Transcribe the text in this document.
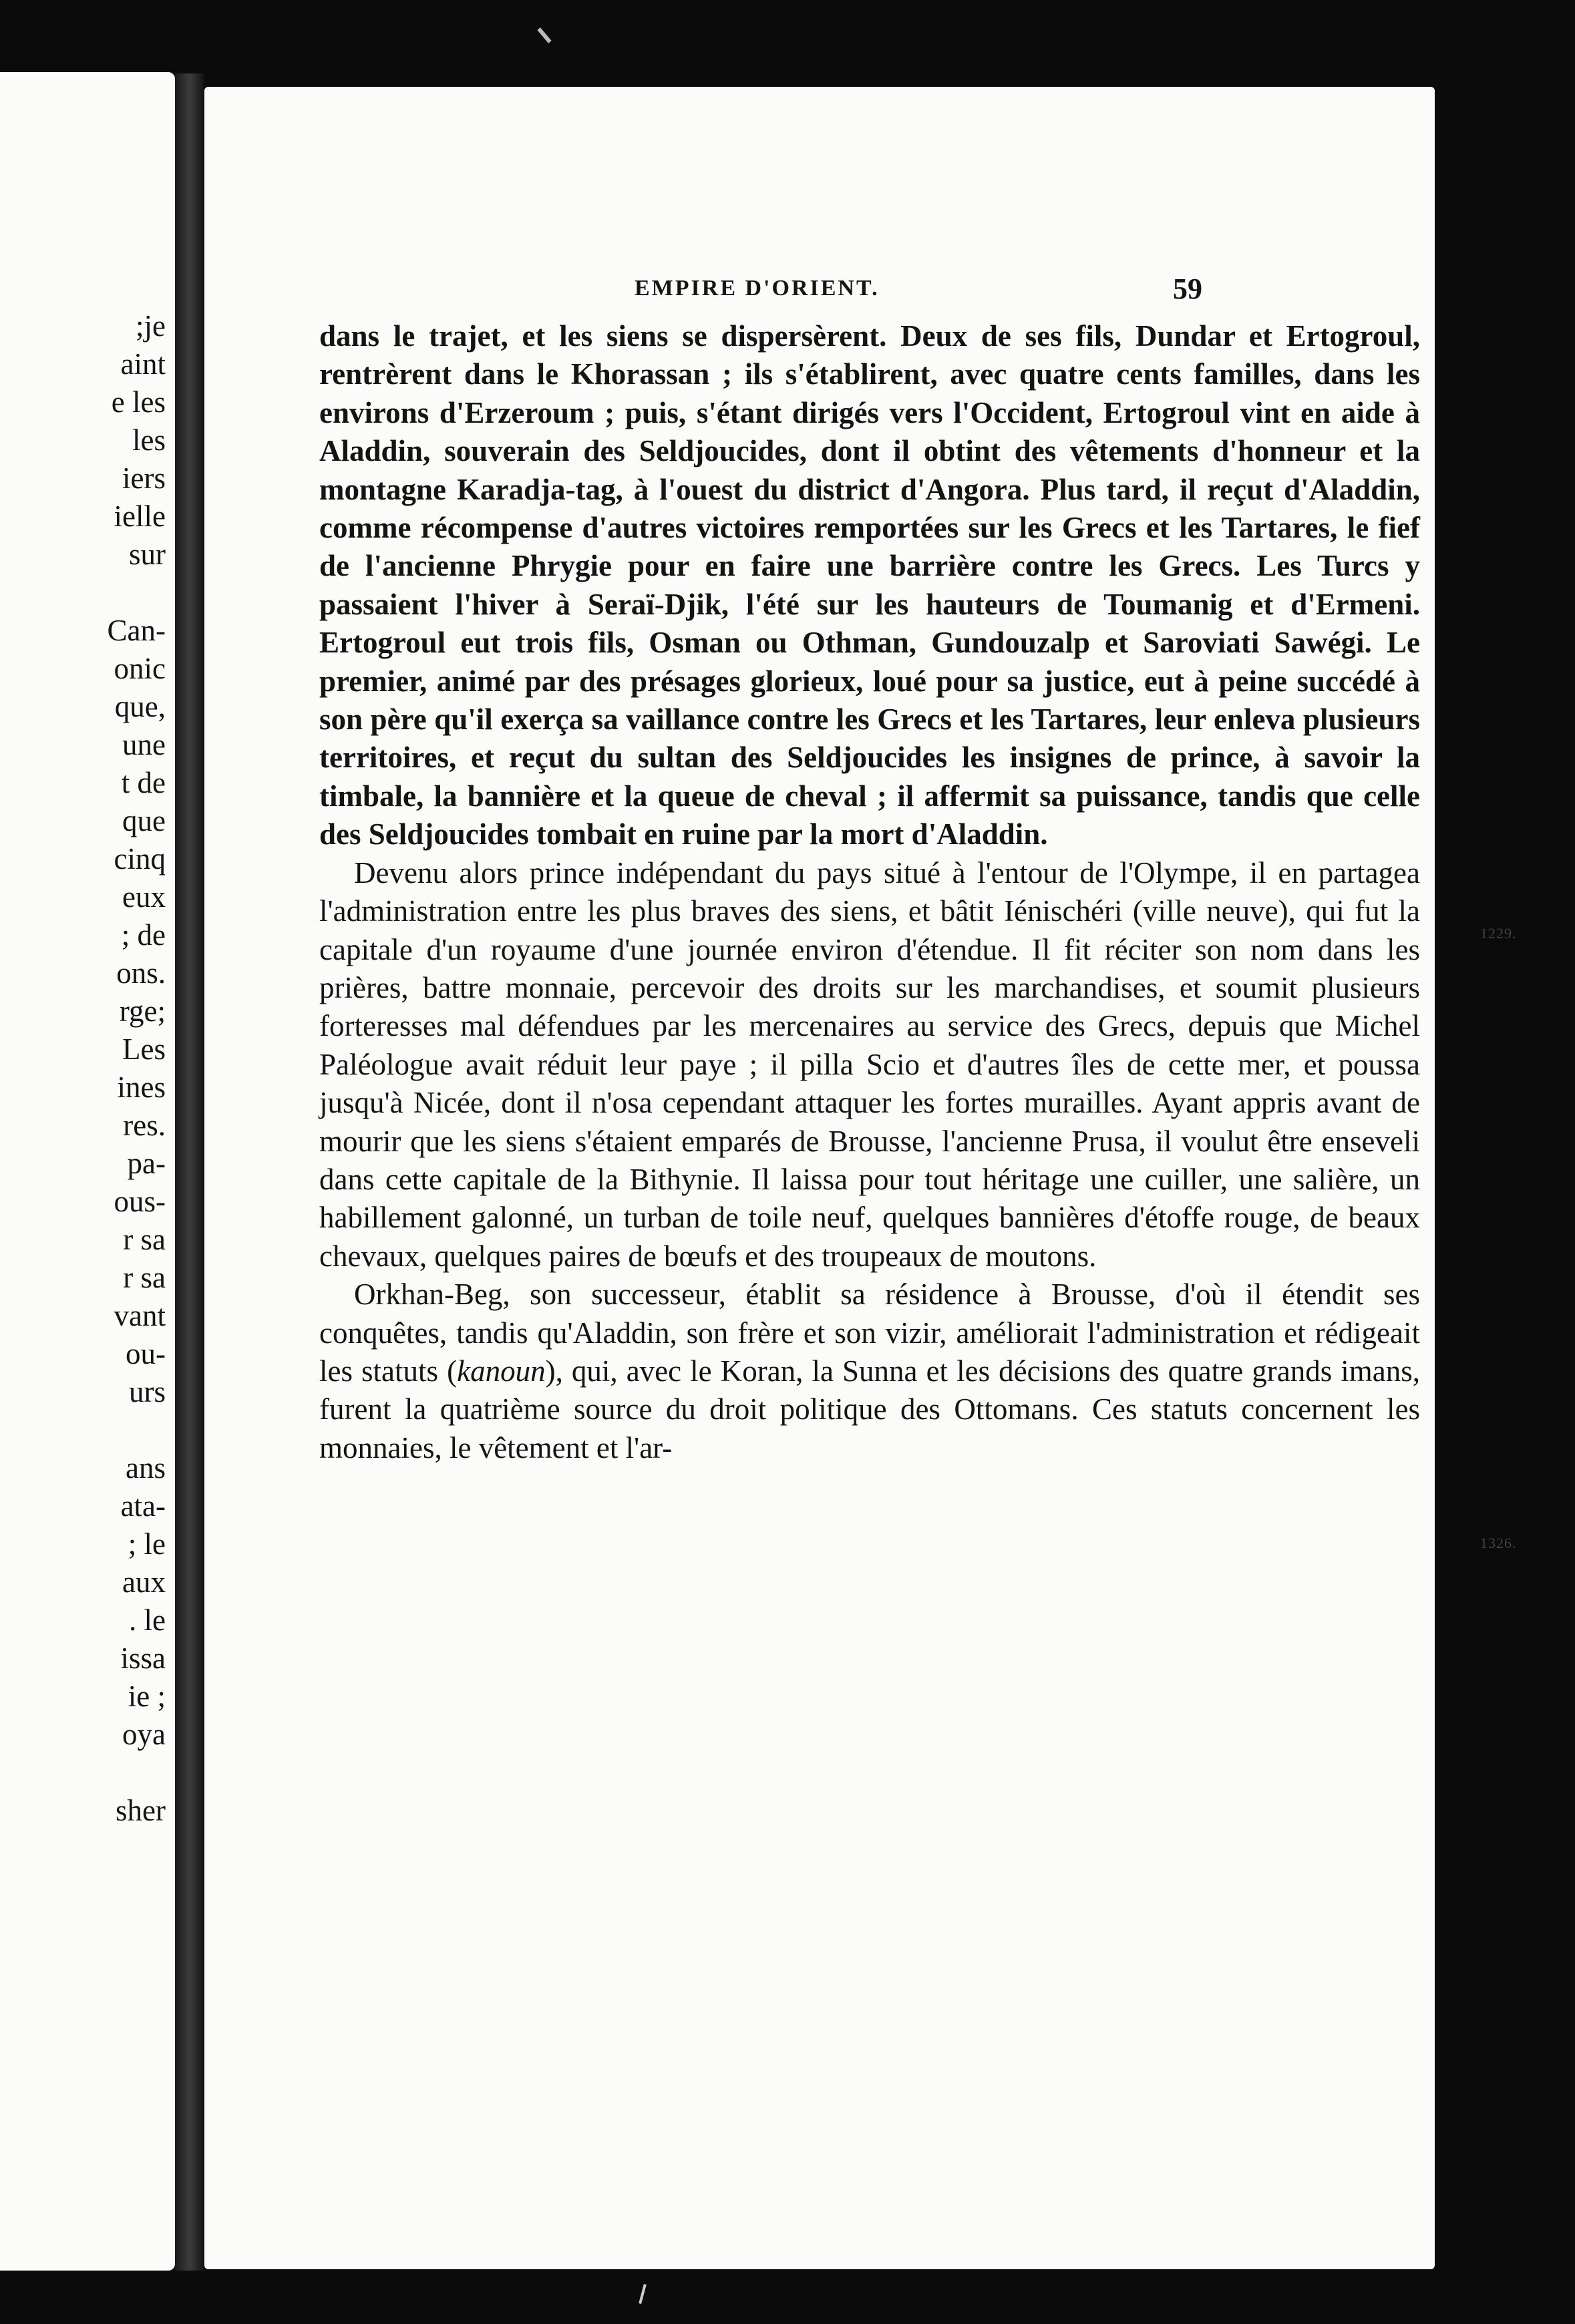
;je
aint
e les
les
iers
ielle
sur

Can-
onic
que,
une
t de
que
cinq
eux
; de
ons.
rge;
Les
ines
res.
pa-
ous-
r sa
r sa
vant
ou-
urs

ans
ata-
; le
aux
. le
issa
ie ;
oya

sher
EMPIRE D'ORIENT.	59

dans le trajet, et les siens se dispersèrent. Deux de ses fils, Dundar et Ertogroul, rentrèrent dans le Khorassan ; ils s'établirent, avec quatre cents familles, dans les environs d'Erzeroum ; puis, s'étant dirigés vers l'Occident, Ertogroul vint en aide à Aladdin, souverain des Seldjoucides, dont il obtint des vêtements d'honneur et la montagne Karadja-tag, à l'ouest du district d'Angora. Plus tard, il reçut d'Aladdin, comme récompense d'autres victoires remportées sur les Grecs et les Tartares, le fief de l'ancienne Phrygie pour en faire une barrière contre les Grecs. Les Turcs y passaient l'hiver à Seraï-Djik, l'été sur les hauteurs de Toumanig et d'Ermeni. Ertogroul eut trois fils, Osman ou Othman, Gundouzalp et Saroviati Sawégi. Le premier, animé par des présages glorieux, loué pour sa justice, eut à peine succédé à son père qu'il exerça sa vaillance contre les Grecs et les Tartares, leur enleva plusieurs territoires, et reçut du sultan des Seldjoucides les insignes de prince, à savoir la timbale, la bannière et la queue de cheval ; il affermit sa puissance, tandis que celle des Seldjoucides tombait en ruine par la mort d'Aladdin.

Devenu alors prince indépendant du pays situé à l'entour de l'Olympe, il en partagea l'administration entre les plus braves des siens, et bâtit Iénischéri (ville neuve), qui fut la capitale d'un royaume d'une journée environ d'étendue. Il fit réciter son nom dans les prières, battre monnaie, percevoir des droits sur les marchandises, et soumit plusieurs forteresses mal défendues par les mercenaires au service des Grecs, depuis que Michel Paléologue avait réduit leur paye ; il pilla Scio et d'autres îles de cette mer, et poussa jusqu'à Nicée, dont il n'osa cependant attaquer les fortes murailles. Ayant appris avant de mourir que les siens s'étaient emparés de Brousse, l'ancienne Prusa, il voulut être enseveli dans cette capitale de la Bithynie. Il laissa pour tout héritage une cuiller, une salière, un habillement galonné, un turban de toile neuf, quelques bannières d'étoffe rouge, de beaux chevaux, quelques paires de bœufs et des troupeaux de moutons.

Orkhan-Beg, son successeur, établit sa résidence à Brousse, d'où il étendit ses conquêtes, tandis qu'Aladdin, son frère et son vizir, améliorait l'administration et rédigeait les statuts (kanoun), qui, avec le Koran, la Sunna et les décisions des quatre grands imans, furent la quatrième source du droit politique des Ottomans. Ces statuts concernent les monnaies, le vêtement et l'ar-

1229.
1326.
